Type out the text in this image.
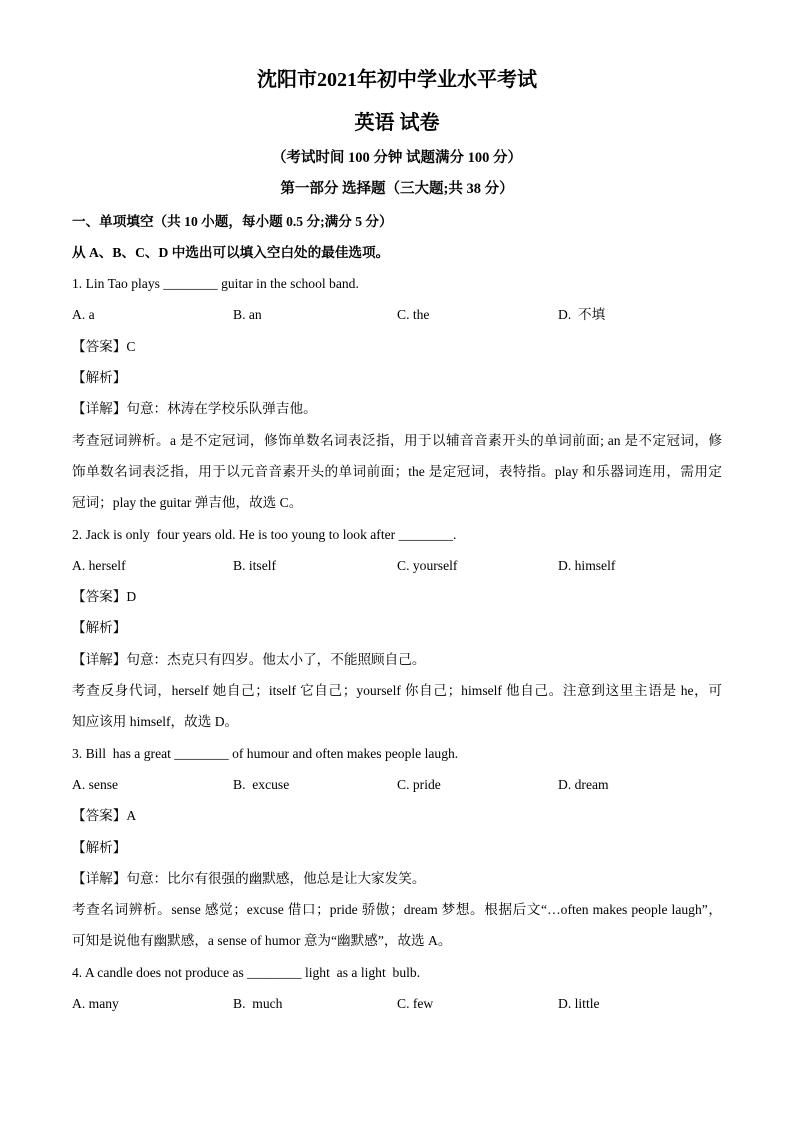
沈阳市2021年初中学业水平考试
英语 试卷
（考试时间 100 分钟 试题满分 100 分）
第一部分 选择题（三大题;共 38 分）
一、单项填空（共 10 小题，每小题 0.5 分;满分 5 分）
从 A、B、C、D 中选出可以填入空白处的最佳选项。
1. Lin Tao plays ________ guitar in the school band.
A. a	B. an	C. the	D.  不填
【答案】C
【解析】
【详解】句意：林涛在学校乐队弹吉他。
考查冠词辨析。a 是不定冠词，修饰单数名词表泛指，用于以辅音音素开头的单词前面; an 是不定冠词，修
饰单数名词表泛指，用于以元音音素开头的单词前面；the 是定冠词，表特指。play 和乐器词连用，需用定
冠词；play the guitar 弹吉他，故选 C。
2. Jack is only  four years old. He is too young to look after ________.
A. herself	B. itself	C. yourself	D. himself
【答案】D
【解析】
【详解】句意：杰克只有四岁。他太小了，不能照顾自己。
考查反身代词，herself 她自己；itself 它自己；yourself 你自己；himself 他自己。注意到这里主语是 he，可
知应该用 himself，故选 D。
3. Bill  has a great ________ of humour and often makes people laugh.
A. sense	B.  excuse	C. pride	D. dream
【答案】A
【解析】
【详解】句意：比尔有很强的幽默感，他总是让大家发笑。
考查名词辨析。sense 感觉；excuse 借口；pride 骄傲；dream 梦想。根据后文“…often makes people laugh”，
可知是说他有幽默感，a sense of humor 意为“幽默感”，故选 A。
4. A candle does not produce as ________ light  as a light  bulb.
A. many	B.  much	C. few	D. little
